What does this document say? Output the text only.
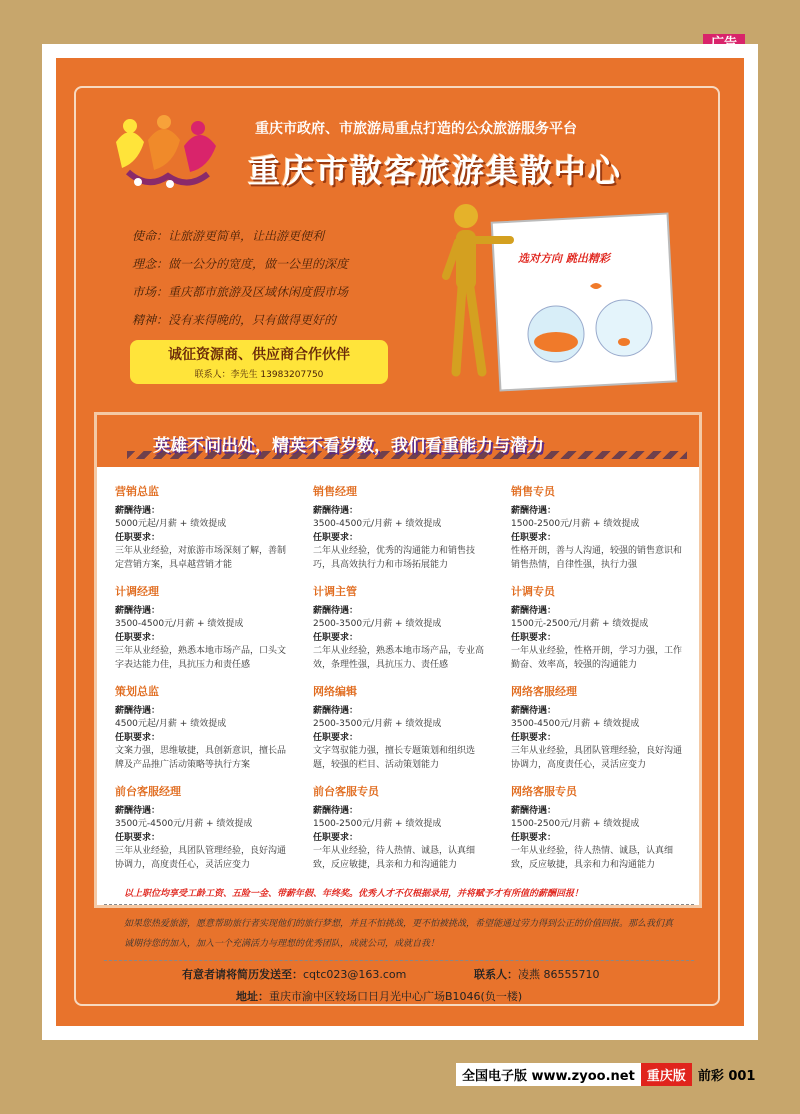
重庆市政府、市旅游局重点打造的公众旅游服务平台
重庆市散客旅游集散中心
使命：让旅游更简单，让出游更便利
理念：做一公分的宽度，做一公里的深度
市场：重庆都市旅游及区域休闲度假市场
精神：没有来得晚的，只有做得更好的
诚征资源商、供应商合作伙伴
联系人：李先生 13983207750
选对方向 跳出精彩
英雄不问出处，精英不看岁数，我们看重能力与潜力
营销总监
薪酬待遇：
5000元起/月薪 + 绩效提成
任职要求：
三年从业经验，对旅游市场深刻了解，善制定营销方案，具卓越营销才能
销售经理
薪酬待遇：
3500-4500元/月薪 + 绩效提成
任职要求：
二年从业经验，优秀的沟通能力和销售技巧，具高效执行力和市场拓展能力
销售专员
薪酬待遇：
1500-2500元/月薪 + 绩效提成
任职要求：
性格开朗，善与人沟通，较强的销售意识和销售热情，自律性强，执行力强
计调经理
薪酬待遇：
3500-4500元/月薪 + 绩效提成
任职要求：
三年从业经验，熟悉本地市场产品，口头文字表达能力佳，具抗压力和责任感
计调主管
薪酬待遇：
2500-3500元/月薪 + 绩效提成
任职要求：
二年从业经验，熟悉本地市场产品，专业高效，条理性强，具抗压力、责任感
计调专员
薪酬待遇：
1500元-2500元/月薪 + 绩效提成
任职要求：
一年从业经验，性格开朗，学习力强，工作勤奋、效率高，较强的沟通能力
策划总监
薪酬待遇：
4500元起/月薪 + 绩效提成
任职要求：
文案力强，思维敏捷，具创新意识，擅长品牌及产品推广活动策略等执行方案
网络编辑
薪酬待遇：
2500-3500元/月薪 + 绩效提成
任职要求：
文字驾驭能力强，擅长专题策划和组织选题，较强的栏目、活动策划能力
网络客服经理
薪酬待遇：
3500-4500元/月薪 + 绩效提成
任职要求：
三年从业经验，具团队管理经验，良好沟通协调力，高度责任心，灵活应变力
前台客服经理
薪酬待遇：
3500元-4500元/月薪 + 绩效提成
任职要求：
三年从业经验，具团队管理经验，良好沟通协调力，高度责任心，灵活应变力
前台客服专员
薪酬待遇：
1500-2500元/月薪 + 绩效提成
任职要求：
一年从业经验，待人热情、诚恳，认真细致，反应敏捷，具亲和力和沟通能力
网络客服专员
薪酬待遇：
1500-2500元/月薪 + 绩效提成
任职要求：
一年从业经验，待人热情、诚恳，认真细致，反应敏捷，具亲和力和沟通能力
以上职位均享受工龄工资、五险一金、带薪年假、年终奖。优秀人才不仅根据录用，并将赋予才有所值的薪酬回报！
如果您热爱旅游，愿意帮助旅行者实现他们的旅行梦想，并且不怕挑战，更不怕被挑战，希望能通过劳力得到公正的价值回报。那么我们真诚期待您的加入，加入一个充满活力与理想的优秀团队，成就公司，成就自我！
有意者请将简历发送至：cqtc023@163.com	联系人：凌燕 86555710
地址：重庆市渝中区较场口日月光中心广场B1046(负一楼)
全国电子版 www.zyoo.net 重庆版 前彩 001
